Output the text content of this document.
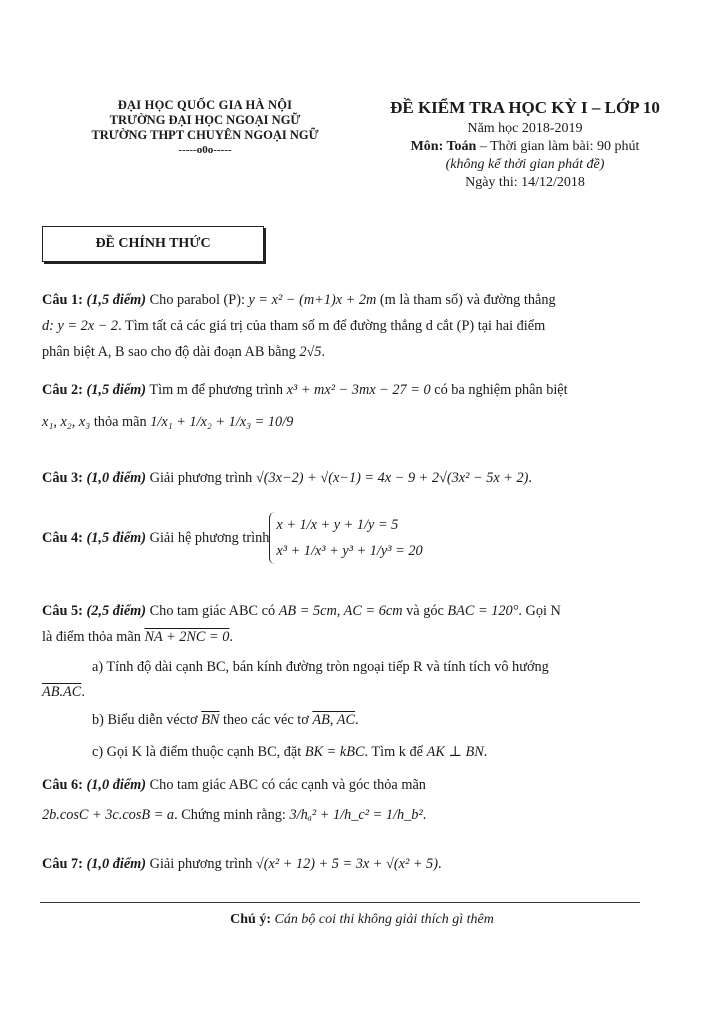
ĐẠI HỌC QUỐC GIA HÀ NỘI
TRƯỜNG ĐẠI HỌC NGOẠI NGỮ
TRƯỜNG THPT CHUYÊN NGOẠI NGỮ
-----o0o-----
ĐỀ KIỂM TRA HỌC KỲ I – LỚP 10
Năm học 2018-2019
Môn: Toán – Thời gian làm bài: 90 phút
(không kể thời gian phát đề)
Ngày thi: 14/12/2018
ĐỀ CHÍNH THỨC
Câu 1: (1,5 điểm) Cho parabol (P): y = x² − (m+1)x + 2m (m là tham số) và đường thẳng
d: y = 2x − 2. Tìm tất cả các giá trị của tham số m để đường thẳng d cắt (P) tại hai điểm
phân biệt A, B sao cho độ dài đoạn AB bằng 2√5.
Câu 2: (1,5 điểm) Tìm m để phương trình x³ + mx² − 3mx − 27 = 0 có ba nghiệm phân biệt
x₁, x₂, x₃ thỏa mãn 1/x₁ + 1/x₂ + 1/x₃ = 10/9
Câu 3: (1,0 điểm) Giải phương trình √(3x−2) + √(x−1) = 4x − 9 + 2√(3x² − 5x + 2).
Câu 4: (1,5 điểm) Giải hệ phương trình
x + 1/x + y + 1/y = 5
x³ + 1/x³ + y³ + 1/y³ = 20
Câu 5: (2,5 điểm) Cho tam giác ABC có AB = 5cm, AC = 6cm và góc BAC = 120°. Gọi N
là điểm thỏa mãn NA + 2NC = 0.
a) Tính độ dài cạnh BC, bán kính đường tròn ngoại tiếp R và tính tích vô hướng
AB.AC.
b) Biểu diễn véctơ $\overline{BN}$ theo các véc tơ AB, AC.
c) Gọi K là điểm thuộc cạnh BC, đặt BK = kBC. Tìm k để AK ⊥ BN.
Câu 6: (1,0 điểm) Cho tam giác ABC có các cạnh và góc thỏa mãn
2b.cosC + 3c.cosB = a. Chứng minh rằng: 3/hₐ² + 1/h_c² = 1/h_b².
Câu 7: (1,0 điểm) Giải phương trình √(x² + 12) + 5 = 3x + √(x² + 5).
Chú ý: Cán bộ coi thi không giải thích gì thêm
